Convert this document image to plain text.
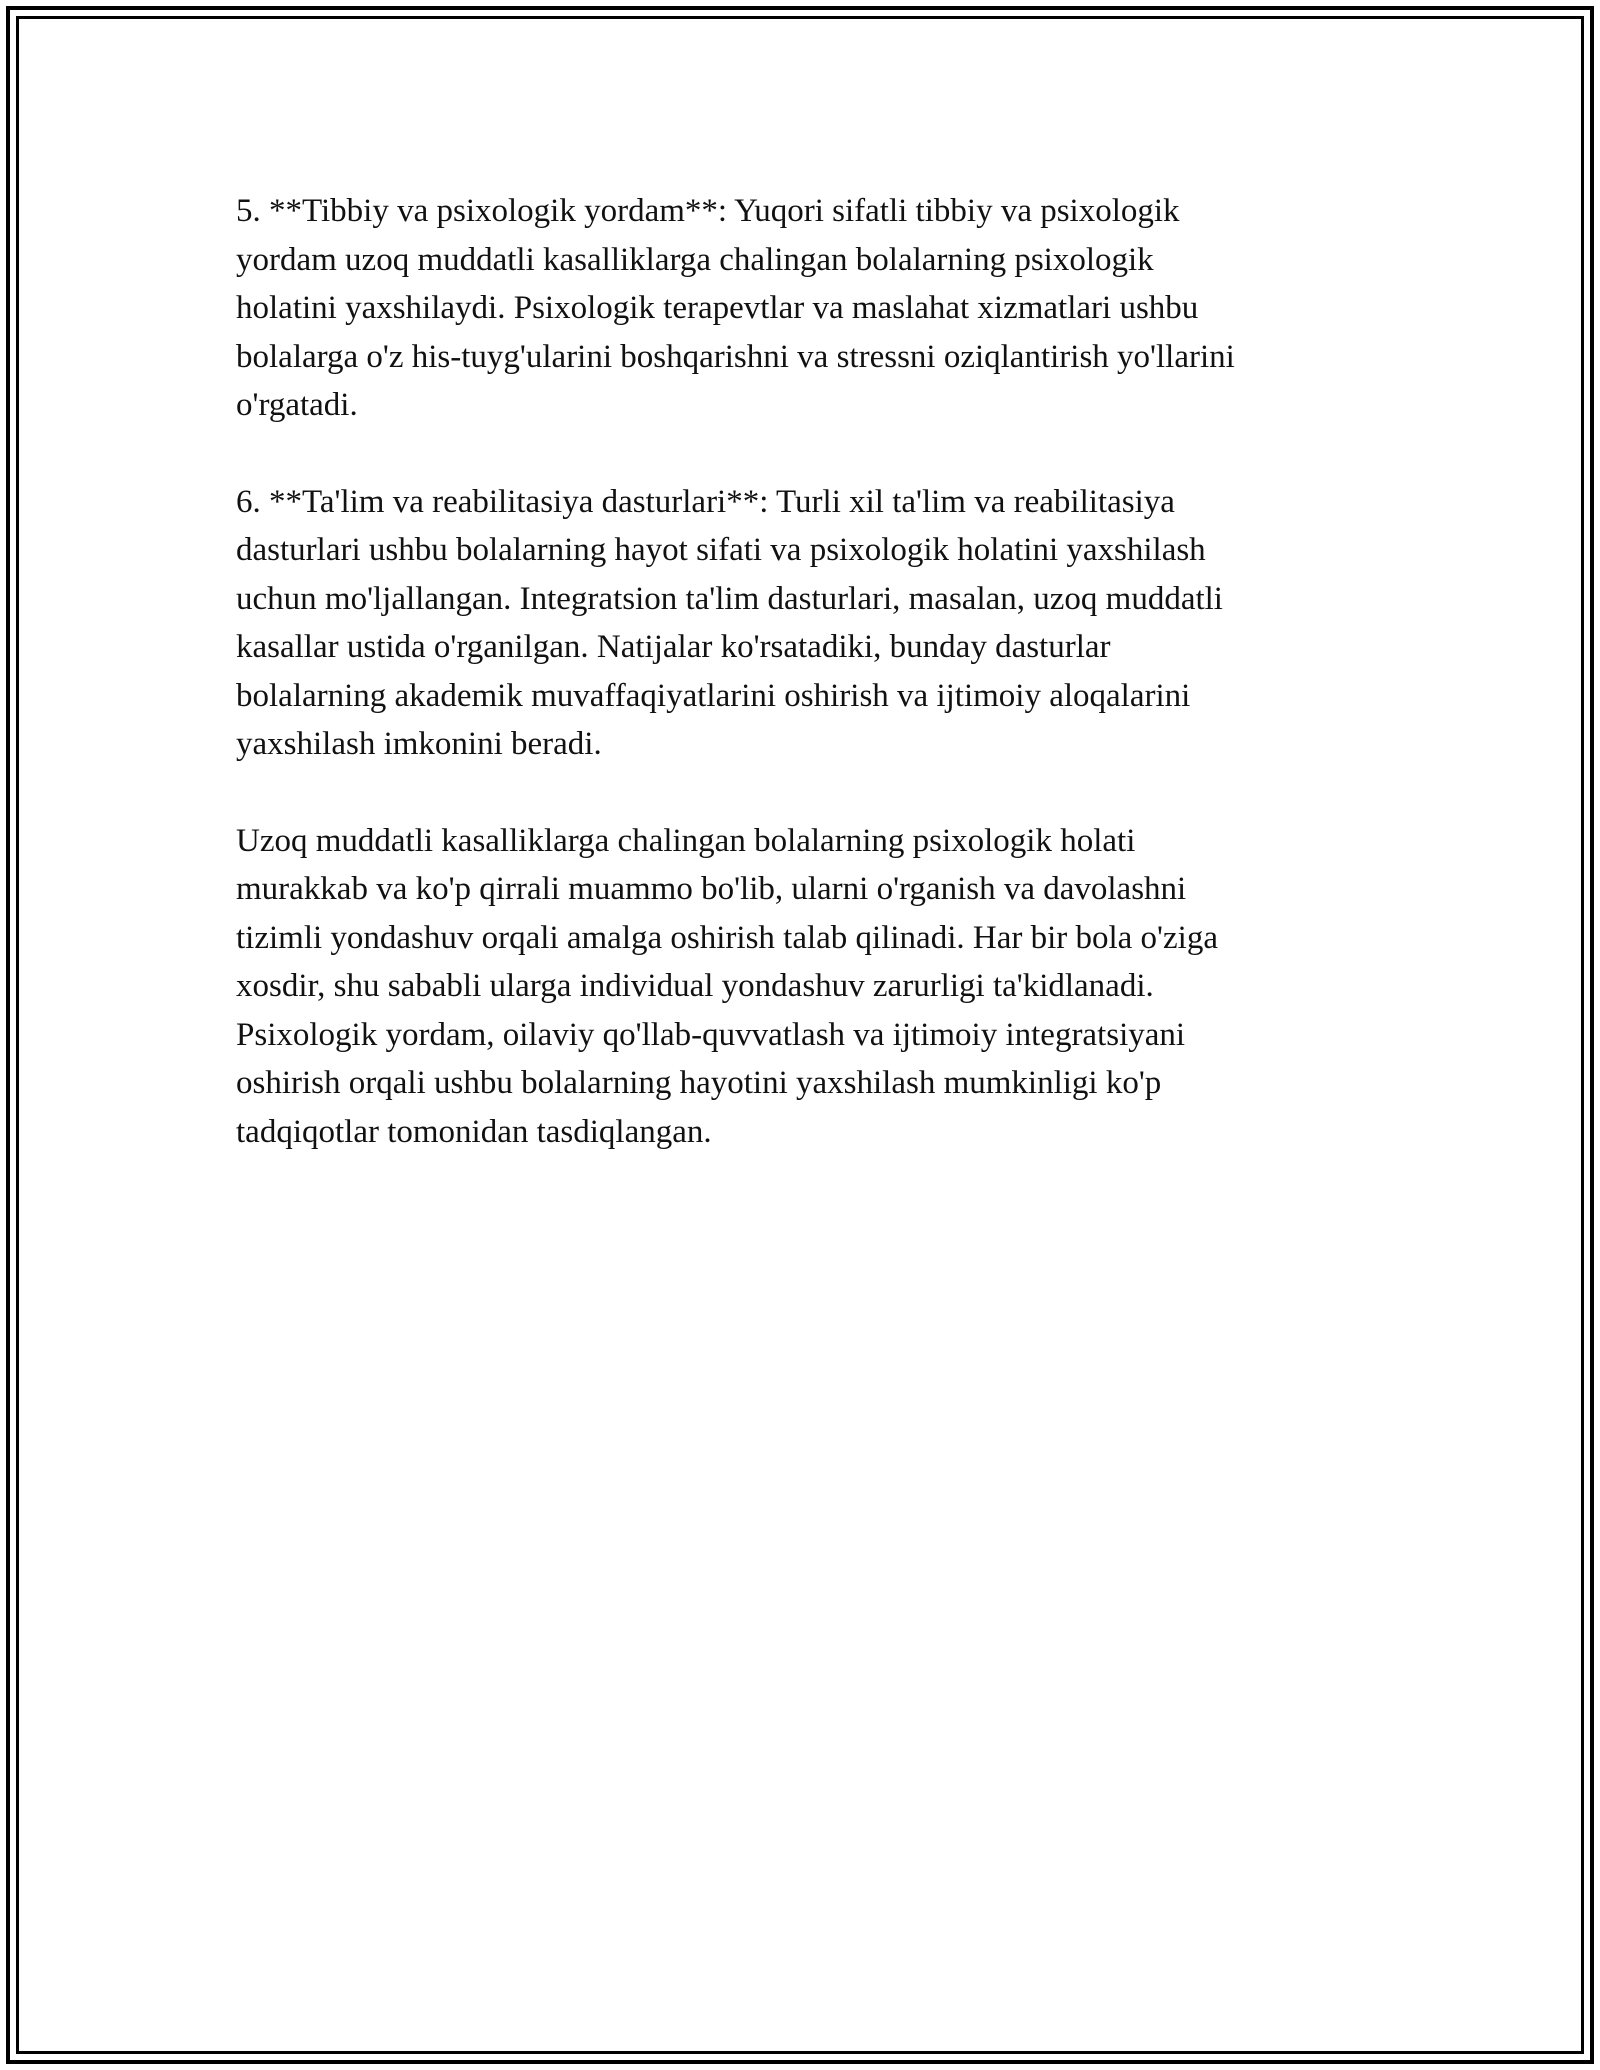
5. **Tibbiy va psixologik yordam**: Yuqori sifatli tibbiy va psixologik
yordam uzoq muddatli kasalliklarga chalingan bolalarning psixologik
holatini yaxshilaydi. Psixologik terapevtlar va maslahat xizmatlari ushbu
bolalarga o'z his-tuyg'ularini boshqarishni va stressni oziqlantirish yo'llarini
o'rgatadi.

6. **Ta'lim va reabilitasiya dasturlari**: Turli xil ta'lim va reabilitasiya
dasturlari ushbu bolalarning hayot sifati va psixologik holatini yaxshilash
uchun mo'ljallangan. Integratsion ta'lim dasturlari, masalan, uzoq muddatli
kasallar ustida o'rganilgan. Natijalar ko'rsatadiki, bunday dasturlar
bolalarning akademik muvaffaqiyatlarini oshirish va ijtimoiy aloqalarini
yaxshilash imkonini beradi.

Uzoq muddatli kasalliklarga chalingan bolalarning psixologik holati
murakkab va ko'p qirrali muammo bo'lib, ularni o'rganish va davolashni
tizimli yondashuv orqali amalga oshirish talab qilinadi. Har bir bola o'ziga
xosdir, shu sababli ularga individual yondashuv zarurligi ta'kidlanadi.
Psixologik yordam, oilaviy qo'llab-quvvatlash va ijtimoiy integratsiyani
oshirish orqali ushbu bolalarning hayotini yaxshilash mumkinligi ko'p
tadqiqotlar tomonidan tasdiqlangan.
